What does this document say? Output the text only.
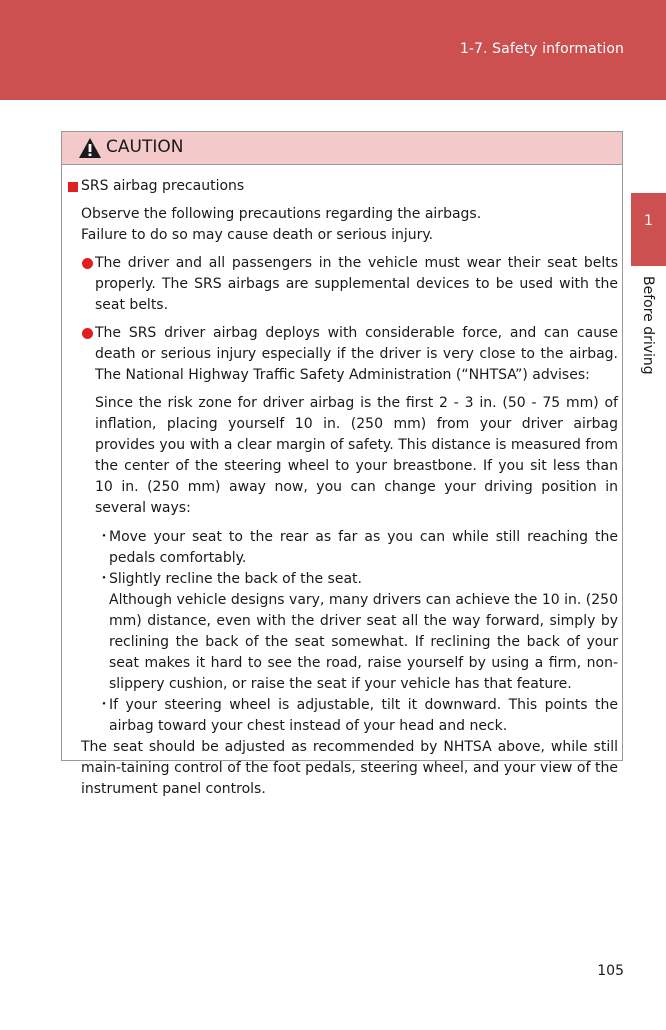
1-7. Safety information
1
Before driving
CAUTION
SRS airbag precautions

Observe the following precautions regarding the airbags.

Failure to do so may cause death or serious injury.

The driver and all passengers in the vehicle must wear their seat belts properly. The SRS airbags are supplemental devices to be used with the seat belts.
The SRS driver airbag deploys with considerable force, and can cause death or serious injury especially if the driver is very close to the airbag. The National Highway Traffic Safety Administration (“NHTSA”) advises:
Since the risk zone for driver airbag is the first 2 - 3 in. (50 - 75 mm) of inflation, placing yourself 10 in. (250 mm) from your driver airbag provides you with a clear margin of safety. This distance is measured from the center of the steering wheel to your breastbone. If you sit less than 10 in. (250 mm) away now, you can change your driving position in several ways:
・

Move your seat to the rear as far as you can while still reaching the pedals comfortably.

・

Slightly recline the back of the seat.

Although vehicle designs vary, many drivers can achieve the 10 in. (250 mm) distance, even with the driver seat all the way forward, simply by reclining the back of the seat somewhat. If reclining the back of your seat makes it hard to see the road, raise yourself by using a firm, non-slippery cushion, or raise the seat if your vehicle has that feature.

・

If your steering wheel is adjustable, tilt it downward. This points the airbag toward your chest instead of your head and neck.

The seat should be adjusted as recommended by NHTSA above, while still main-taining control of the foot pedals, steering wheel, and your view of the instrument panel controls.
105
